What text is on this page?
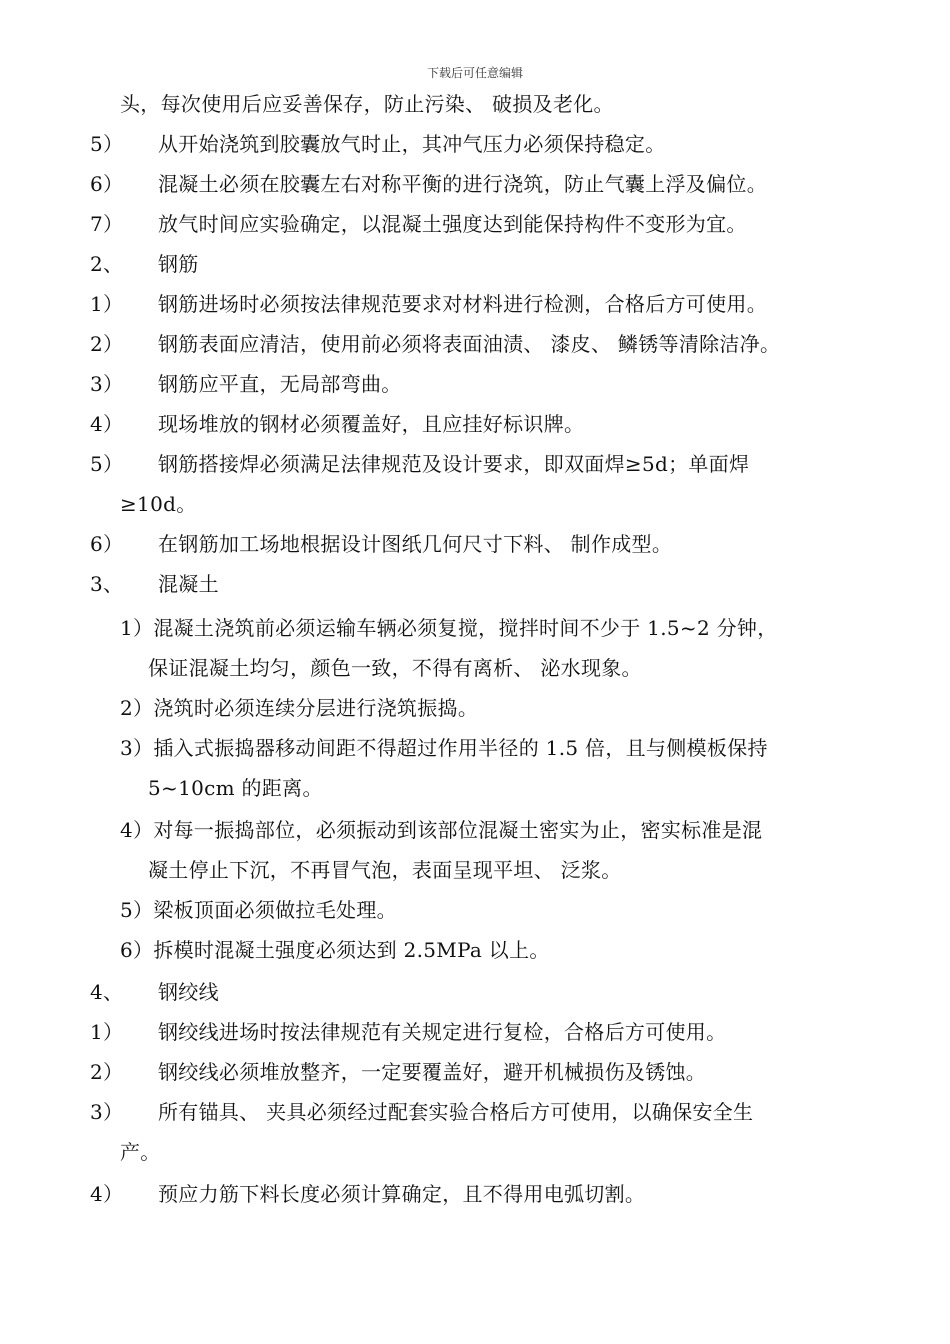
下载后可任意编辑
头，每次使用后应妥善保存，防止污染、 破损及老化。
5） 从开始浇筑到胶囊放气时止，其冲气压力必须保持稳定。
6） 混凝土必须在胶囊左右对称平衡的进行浇筑，防止气囊上浮及偏位。
7） 放气时间应实验确定，以混凝土强度达到能保持构件不变形为宜。
2、 钢筋
1） 钢筋进场时必须按法律规范要求对材料进行检测，合格后方可使用。
2） 钢筋表面应清洁，使用前必须将表面油渍、 漆皮、 鳞锈等清除洁净。
3） 钢筋应平直，无局部弯曲。
4） 现场堆放的钢材必须覆盖好，且应挂好标识牌。
5） 钢筋搭接焊必须满足法律规范及设计要求，即双面焊≥5d；单面焊
≥10d。
6） 在钢筋加工场地根据设计图纸几何尺寸下料、 制作成型。
3、 混凝土
1）混凝土浇筑前必须运输车辆必须复搅，搅拌时间不少于 1.5~2 分钟，
保证混凝土均匀，颜色一致，不得有离析、 泌水现象。
2）浇筑时必须连续分层进行浇筑振捣。
3）插入式振捣器移动间距不得超过作用半径的 1.5 倍，且与侧模板保持
5~10cm 的距离。
4）对每一振捣部位，必须振动到该部位混凝土密实为止，密实标准是混
凝土停止下沉，不再冒气泡，表面呈现平坦、 泛浆。
5）梁板顶面必须做拉毛处理。
6）拆模时混凝土强度必须达到 2.5MPa 以上。
4、 钢绞线
1） 钢绞线进场时按法律规范有关规定进行复检，合格后方可使用。
2） 钢绞线必须堆放整齐，一定要覆盖好，避开机械损伤及锈蚀。
3） 所有锚具、 夹具必须经过配套实验合格后方可使用，以确保安全生
产。
4） 预应力筋下料长度必须计算确定，且不得用电弧切割。
